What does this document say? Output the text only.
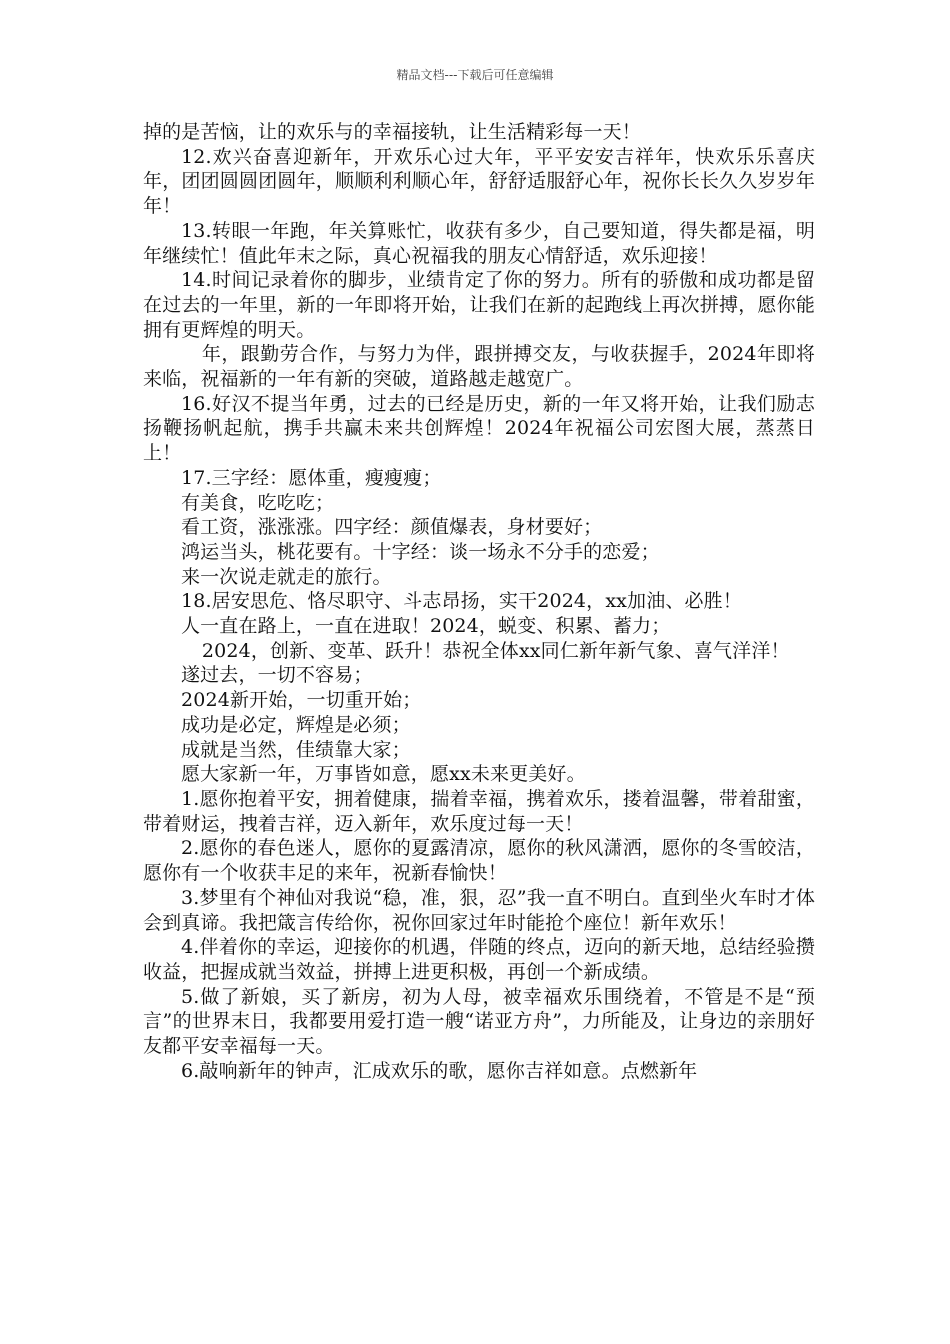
精品文档---下载后可任意编辑

掉的是苦恼，让的欢乐与的幸福接轨，让生活精彩每一天！

12.欢兴奋喜迎新年，开欢乐心过大年，平平安安吉祥年，快欢乐乐喜庆年，团团圆圆团圆年，顺顺利利顺心年，舒舒适服舒心年，祝你长长久久岁岁年年！

13.转眼一年跑，年关算账忙，收获有多少，自己要知道，得失都是福，明年继续忙！值此年末之际，真心祝福我的朋友心情舒适，欢乐迎接！

14.时间记录着你的脚步，业绩肯定了你的努力。所有的骄傲和成功都是留在过去的一年里，新的一年即将开始，让我们在新的起跑线上再次拼搏，愿你能拥有更辉煌的明天。

年，跟勤劳合作，与努力为伴，跟拼搏交友，与收获握手，2024年即将来临，祝福新的一年有新的突破，道路越走越宽广。

16.好汉不提当年勇，过去的已经是历史，新的一年又将开始，让我们励志扬鞭扬帆起航，携手共赢未来共创辉煌！2024年祝福公司宏图大展，蒸蒸日上！

17.三字经：愿体重，瘦瘦瘦；

有美食，吃吃吃；

看工资，涨涨涨。四字经：颜值爆表，身材要好；

鸿运当头，桃花要有。十字经：谈一场永不分手的恋爱；

来一次说走就走的旅行。

18.居安思危、恪尽职守、斗志昂扬，实干2024，xx加油、必胜！

人一直在路上，一直在进取！2024，蜕变、积累、蓄力；

2024，创新、变革、跃升！恭祝全体xx同仁新年新气象、喜气洋洋！

遂过去，一切不容易；

2024新开始，一切重开始；

成功是必定，辉煌是必须；

成就是当然，佳绩靠大家；

愿大家新一年，万事皆如意，愿xx未来更美好。

1.愿你抱着平安，拥着健康，揣着幸福，携着欢乐，搂着温馨，带着甜蜜，带着财运，拽着吉祥，迈入新年，欢乐度过每一天！

2.愿你的春色迷人，愿你的夏露清凉，愿你的秋风潇洒，愿你的冬雪皎洁，愿你有一个收获丰足的来年，祝新春愉快！

3.梦里有个神仙对我说“稳，准，狠，忍”我一直不明白。直到坐火车时才体会到真谛。我把箴言传给你，祝你回家过年时能抢个座位！新年欢乐！

4.伴着你的幸运，迎接你的机遇，伴随的终点，迈向的新天地，总结经验攒收益，把握成就当效益，拼搏上进更积极，再创一个新成绩。

5.做了新娘，买了新房，初为人母，被幸福欢乐围绕着，不管是不是“预言”的世界末日，我都要用爱打造一艘“诺亚方舟”，力所能及，让身边的亲朋好友都平安幸福每一天。

6.敲响新年的钟声，汇成欢乐的歌，愿你吉祥如意。点燃新年
